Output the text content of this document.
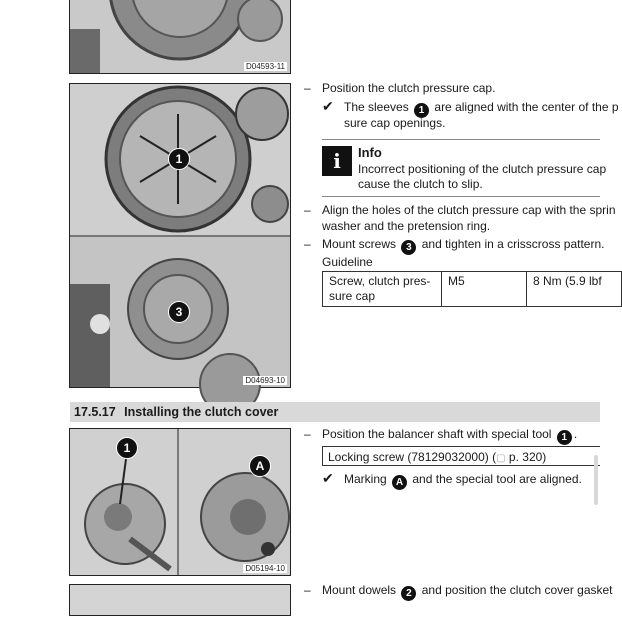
D04593-11
1
3
D04693-10
– Position the clutch pressure cap.
✔ The sleeves 1 are aligned with the center of the p
sure cap openings.
i	Info
Incorrect positioning of the clutch pressure cap
cause the clutch to slip.
– Align the holes of the clutch pressure cap with the sprin
washer and the pretension ring.
– Mount screws 3 and tighten in a crisscross pattern.
Guideline
Screw, clutch pres-
sure cap	M5	8 Nm (5.9 lbf
17.5.17 Installing the clutch cover
1
A
D05194-10
– Position the balancer shaft with special tool 1 .
Locking screw (78129032000) (▢ p. 320)
✔ Marking A and the special tool are aligned.
– Mount dowels 2 and position the clutch cover gasket
